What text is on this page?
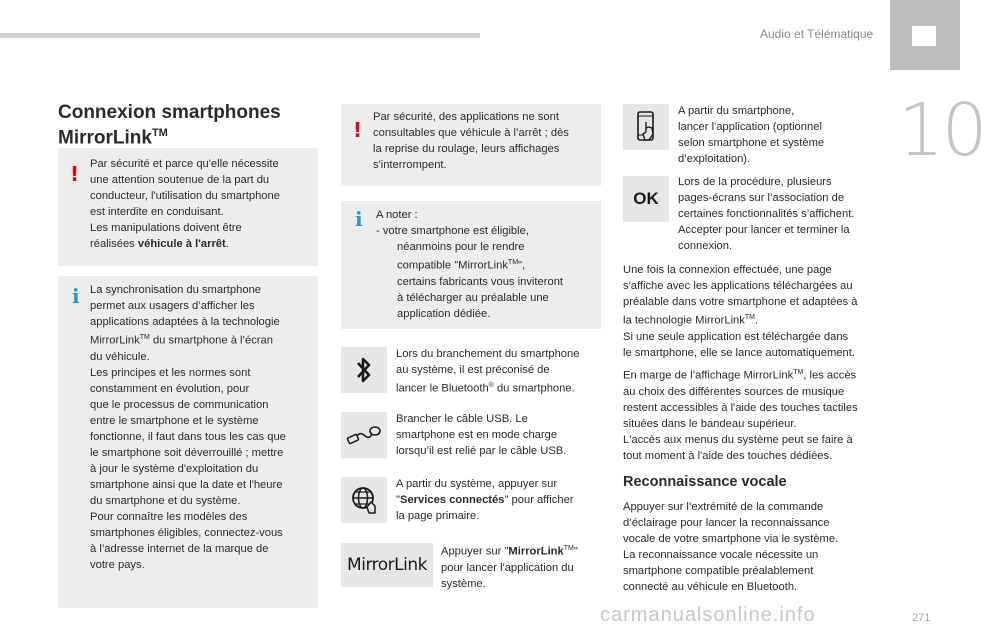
Audio et Télématique
10
Connexion smartphones
MirrorLink™
! Par sécurité et parce qu'elle nécessite

une attention soutenue de la part du

conducteur, l'utilisation du smartphone

est interdite en conduisant.

Les manipulations doivent être

réalisées véhicule à l'arrêt.

i La synchronisation du smartphone

permet aux usagers d’afficher les

applications adaptées à la technologie

MirrorLink™ du smartphone à l’écran

du véhicule.

Les principes et les normes sont

constamment en évolution, pour

que le processus de communication

entre le smartphone et le système

fonctionne, il faut dans tous les cas que

le smartphone soit déverrouillé ; mettre

à jour le système d'exploitation du

smartphone ainsi que la date et l'heure

du smartphone et du système.

Pour connaître les modèles des

smartphones éligibles, connectez-vous

à l’adresse internet de la marque de

votre pays.

!

Par sécurité, des applications ne sont

consultables que véhicule à l’arrêt ; dès

la reprise du roulage, leurs affichages

s'interrompent.

i A noter :

- votre smartphone est éligible,

néanmoins pour le rendre

compatible "MirrorLink™",

certains fabricants vous inviteront

à télécharger au préalable une

application dédiée.

Lors du branchement du smartphone
au système, il est préconisé de
lancer le Bluetooth® du smartphone.
Brancher le câble USB. Le
smartphone est en mode charge
lorsqu’il est relié par le câble USB.
A partir du système, appuyer sur
"Services connectés" pour afficher
la page primaire.
MirrorLink
Appuyer sur "MirrorLink™"
pour lancer l'application du
système.
A partir du smartphone,
lancer l'application (optionnel
selon smartphone et système
d’exploitation).
OK
Lors de la procédure, plusieurs
pages-écrans sur l’association de
certaines fonctionnalités s’affichent.
Accepter pour lancer et terminer la
connexion.
Une fois la connexion effectuée, une page
s'affiche avec les applications téléchargées au
préalable dans votre smartphone et adaptées à
la technologie MirrorLink™.
Si une seule application est téléchargée dans
le smartphone, elle se lance automatiquement.
En marge de l’affichage MirrorLink™, les accès
au choix des différentes sources de musique
restent accessibles à l'aide des touches tactiles
situées dans le bandeau supérieur.
L'accès aux menus du système peut se faire à
tout moment à l'aide des touches dédiées.
Reconnaissance vocale
Appuyer sur l’extrémité de la commande
d’éclairage pour lancer la reconnaissance
vocale de votre smartphone via le système.
La reconnaissance vocale nécessite un
smartphone compatible préalablement
connecté au véhicule en Bluetooth.
carmanualsonline.info	271
